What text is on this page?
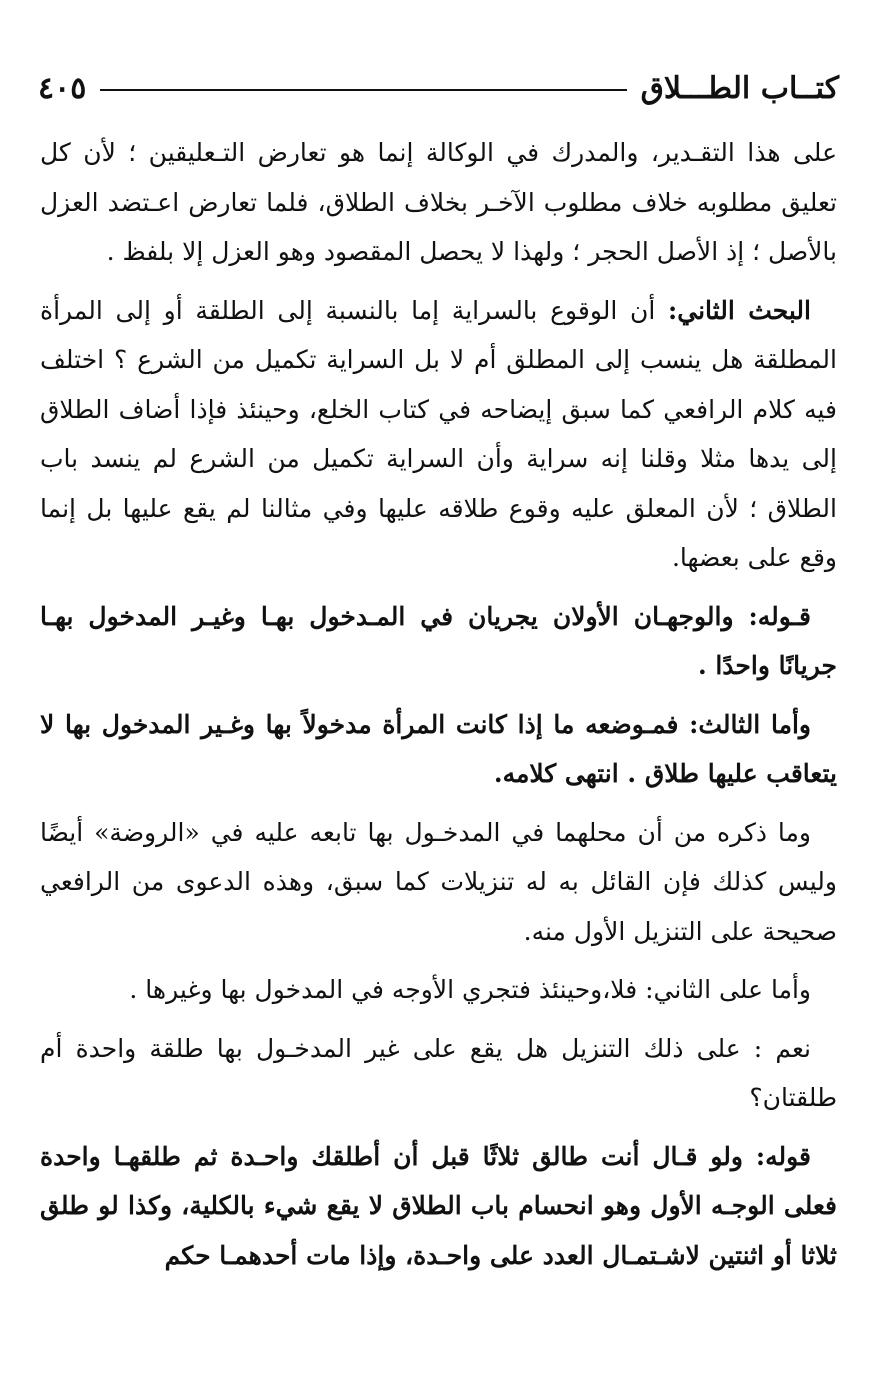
كتــاب الطـــلاق
٤٠٥

على هذا التقـدير، والمدرك في الوكالة إنما هو تعارض التـعليقين ؛ لأن كل تعليق مطلوبه خلاف مطلوب الآخـر بخلاف الطلاق، فلما تعارض اعـتضد العزل بالأصل ؛ إذ الأصل الحجر ؛ ولهذا لا يحصل المقصود وهو العزل إلا بلفظ .

البحث الثاني: أن الوقوع بالسراية إما بالنسبة إلى الطلقة أو إلى المرأة المطلقة هل ينسب إلى المطلق أم لا بل السراية تكميل من الشرع ؟ اختلف فيه كلام الرافعي كما سبق إيضاحه في كتاب الخلع، وحينئذ فإذا أضاف الطلاق إلى يدها مثلا وقلنا إنه سراية وأن السراية تكميل من الشرع لم ينسد باب الطلاق ؛ لأن المعلق عليه وقوع طلاقه عليها وفي مثالنا لم يقع عليها بل إنما وقع على بعضها.

قـوله: والوجهـان الأولان يجريان في المـدخول بهـا وغيـر المدخول بهـا جريانًا واحدًا .

وأما الثالث: فمـوضعه ما إذا كانت المرأة مدخولاً بها وغـير المدخول بها لا يتعاقب عليها طلاق . انتهى كلامه.

وما ذكره من أن محلهما في المدخـول بها تابعه عليه في «الروضة» أيضًا وليس كذلك فإن القائل به له تنزيلات كما سبق، وهذه الدعوى من الرافعي صحيحة على التنزيل الأول منه.

وأما على الثاني: فلا،وحينئذ فتجري الأوجه في المدخول بها وغيرها .

نعم : على ذلك التنزيل هل يقع على غير المدخـول بها طلقة واحدة أم طلقتان؟

قوله: ولو قـال أنت طالق ثلاثًا قبل أن أطلقك واحـدة ثم طلقهـا واحدة فعلى الوجـه الأول وهو انحسام باب الطلاق لا يقع شيء بالكلية، وكذا لو طلق ثلاثا أو اثنتين لاشـتمـال العدد على واحـدة، وإذا مات أحدهمـا حكم
